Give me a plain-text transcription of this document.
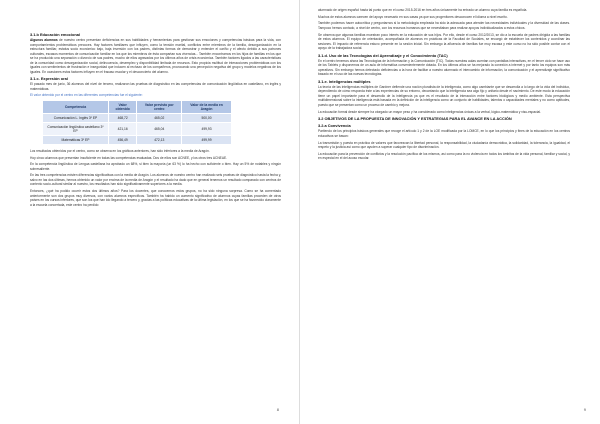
3.1.b Educación emocional
Algunos alumnos de nuestro centro presentan deficiencias en sus habilidades y herramientas para gestionar sus emociones y competencias básicas para la vida, con comportamientos problemáticos precoces. Hay factores familiares que influyen, como la tensión marital, conflictos entre miembros de la familia, desorganización en la estructura familiar, estatus socio económico bajo, baja inversión con los padres, distintas formas de demostrar y entender el cariño y el afecto debido a sus patrones culturales, escasos momentos de comunicación familiar en los que los miembros de ésta compartan sus vivencias... También encontramos en los hijos de familias en los que se ha producido una separación o divorcio de sus padres, mucho de ellos agravados por los últimos años de crisis económica. También factores ligados a las características de la comunidad como desorganización social, delincuencia, desempleo y disponibilidad limitada de recursos. Esto propicia multitud de interacciones problemáticas con los iguales con sentimientos de frustración e inseguridad que inducen al rechazo de los compañeros, provocando una percepción negativa del grupo y modelos negativos de los iguales. En ocasiones estos factores influyen en el fracaso escolar y el desconcierto del alumno.
3.1.c. Expresión oral
El pasado mes de junio, 36 alumnos del nivel de tercero, realizaron las pruebas de diagnóstico en las competencias de comunicación lingüística en castellano, en inglés y matemáticas.
El valor obtenido por el centro en las diferentes competencias fue el siguiente:
Competencia	Valor obtenido	Valor previsto por centro	Valor de la media en Aragón
Comunicación L. Inglés 3º EP	468,72	465,02	500,00
Comunicación lingüística castellano 3º EP	421,16	465,04	499,93
Matemáticas 3º EP	456,49	472,13	499,99
Los resultados obtenidos por el centro, como se observa en los gráficos anteriores, han sido inferiores a la media de Aragón.
Hoy cinco alumnos que presentan insuficiente en todas las competencias evaluadas. Dos de ellos son ACNEE, y los otros tres ACNEAE.
En la competencia lingüística de Lengua castellana ha aprobado un 68%, si bien la mayoría (un 63 %) lo ha hecho con suficiente o bien. Hay un 5% de notables y ningún sobresaliente.
En las tres competencias existen diferencias significativas con la media de Aragón. Los alumnos de nuestro centro han realizado seis pruebas de diagnóstico hasta la fecha y, salvo en las dos últimas, hemos obtenido un valor por encima de la media de Aragón y el resultado ha dado que en general tenemos un resultado comparado con centros de contexto socio-cultural similar al nuestro, los resultados han sido significativamente superiores a la media.
Entonces, ¿qué ha podido ocurrir estos dos últimos años? Para los docentes, que conocemos estos grupos, no ha sido ninguna sorpresa. Como se ha comentado anteriormente son dos grupos muy diversos, con varios alumnos específicos. También ha habido un aumento significativo de alumnos cuyas familias proceden de otros países en los cursos inferiores, que son los que han ido llegando a tercero y, gracias a las políticas educativas de la última legislación, en los que se ha favorecido claramente a la escuela concertada, este centro ha perdido
8
alumnado de origen español hasta tal punto que en el curso 2015-2016 en tres años únicamente ha entrado un alumno cuya familia es española.
Muchos de estos alumnos carecen del apoyo necesario en sus casas ya que sus progenitores desconocen el idioma a nivel escrito.
También podemos hacer autocrítica y preguntarnos si la metodología empleada ha sido la adecuada para atender las necesidades individuales y la diversidad de las clases. Tampoco hemos contado, a nivel de centro, con los recursos humanos que se necesitaban para realizar apoyos individualizados a estos chicos.
Se observa que algunas familias muestran poco interés en la educación de sus hijos. Por ello, desde el curso 2012/2013, se dio a la escuela de padres dirigida a las familias de estos alumnos. El equipo de orientación, acompañada de alumnos en prácticas de la Facultad de Sociales, se encargó de establecer los contenidos y coordinar las sesiones. El impacto de referencia estuvo presente en la sesión inicial. Sin embargo la afluencia de familias fue muy escasa y este curso no ha sido posible contar con el apoyo de la trabajadora social.
3.1.d. Uso de las Tecnologías del Aprendizaje y el Conocimiento (TAC)
En el centro tenemos ahora las Tecnologías de la Información y la Comunicación (TIC). Todas nuestras aulas cuentan con pantallas interactivas, en el tercer ciclo se hace uso de los Tablets y disponemos de un aula de informática convenientemente dotada. En los últimos años se ha mejorado la conexión a internet y por tanto los equipos son más operativos. Sin embargo hemos detectado deficiencias a la hora de facilitar a nuestro alumnado el intercambio de información, la comunicación y el aprendizaje significativo basado en el uso de las nuevas tecnologías.
3.1.e. Inteligencias múltiples
La teoría de las inteligencias múltiples de Gardner defiende una noción pluralista de la inteligencia, como algo cambiante que se desarrolla a lo largo de la vida del individuo, dependiendo de cómo responda éste a las experiencias de su entorno, decantando que la inteligencia sea algo fijo y unitario desde el nacimiento. De este modo la educación tiene un papel importante para el desarrollo de la inteligencia ya que es el resultado de la interacción entre factores biológicos y medio ambiente. Esta perspectiva multidimensional sobre la inteligencia está basada en la definición de la inteligencia como un conjunto de habilidades, talentos o capacidades mentales y no como aptitudes, puesto que se presentan como un proceso de cambio y mejora.
La educación formal desde siempre ha otorgado un mayor peso y ha considerado como inteligencias únicas a la verbal, lógico-matemática y visu-espacial.
3.2 OBJETIVOS DE LA PROPUESTA DE INNOVACIÓN Y ESTRATEGIAS PARA EL AVANCE EN LA ACCIÓN
3.2.a Convivencia
Partiendo de los principios básicos generales que recoge el artículo 1 y 2 de la LOE modificada por la LOMCE, en lo que los principios y fines de la educación en los centros educativos se basan:
La transmisión y puesta en práctica de valores que favorezcan la libertad personal, la responsabilidad, la ciudadanía democrática, la solidaridad, la tolerancia, la igualdad, el respeto y la justicia así como que ayuden a superar cualquier tipo de discriminación.
La educación para la prevención de conflictos y la resolución pacífica de los mismos, así como para la no violencia en todos los ámbitos de la vida personal, familiar y social, y en especial en el del acoso escolar.
9
